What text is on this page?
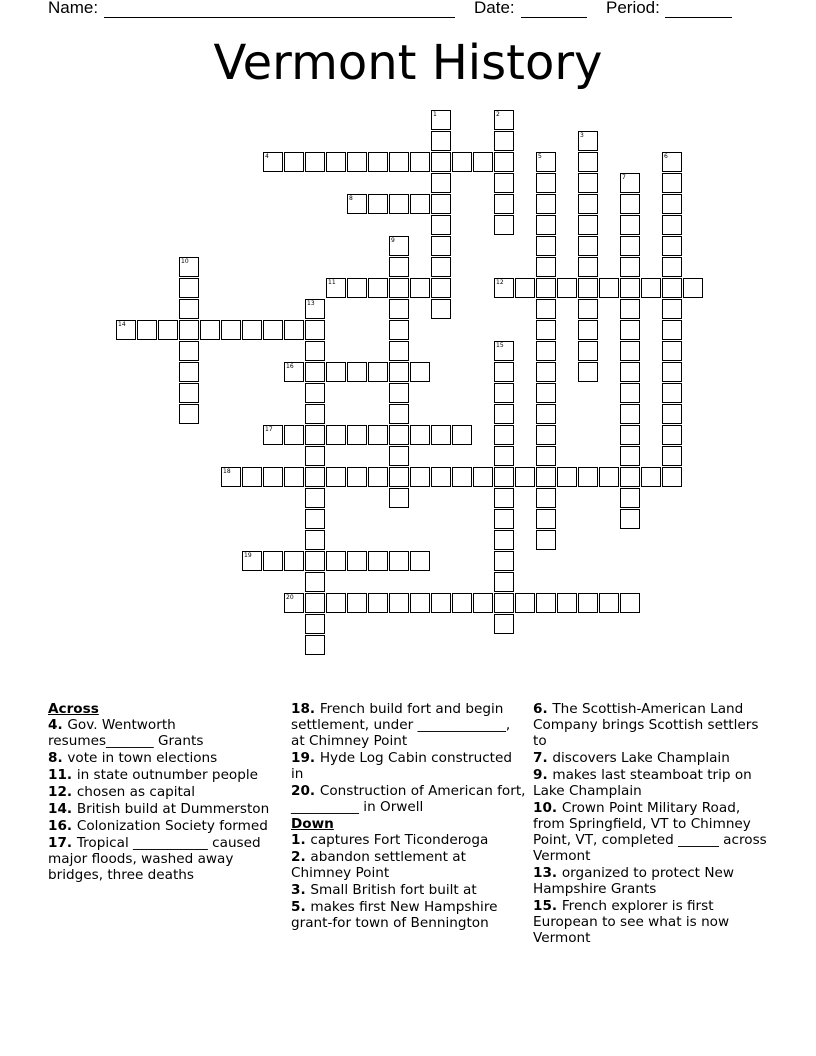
Name:	Date:	Period:
Vermont History
1	2
3
4	5	6
7
8
9
10
11	12
13
14
15
16
17
18
19
20
Across
4. Gov. Wentworth resumes_______ Grants
8. vote in town elections
11. in state outnumber people
12. chosen as capital
14. British build at Dummerston
16. Colonization Society formed
17. Tropical ___________ caused major floods, washed away bridges, three deaths
18. French build fort and begin settlement, under _____________, at Chimney Point
19. Hyde Log Cabin constructed in
20. Construction of American fort, __________ in Orwell
Down
1. captures Fort Ticonderoga
2. abandon settlement at Chimney Point
3. Small British fort built at
5. makes first New Hampshire grant-for town of Bennington
6. The Scottish-American Land Company brings Scottish settlers to
7. discovers Lake Champlain
9. makes last steamboat trip on Lake Champlain
10. Crown Point Military Road, from Springfield, VT to Chimney Point, VT, completed ______ across Vermont
13. organized to protect New Hampshire Grants
15. French explorer is first European to see what is now Vermont
